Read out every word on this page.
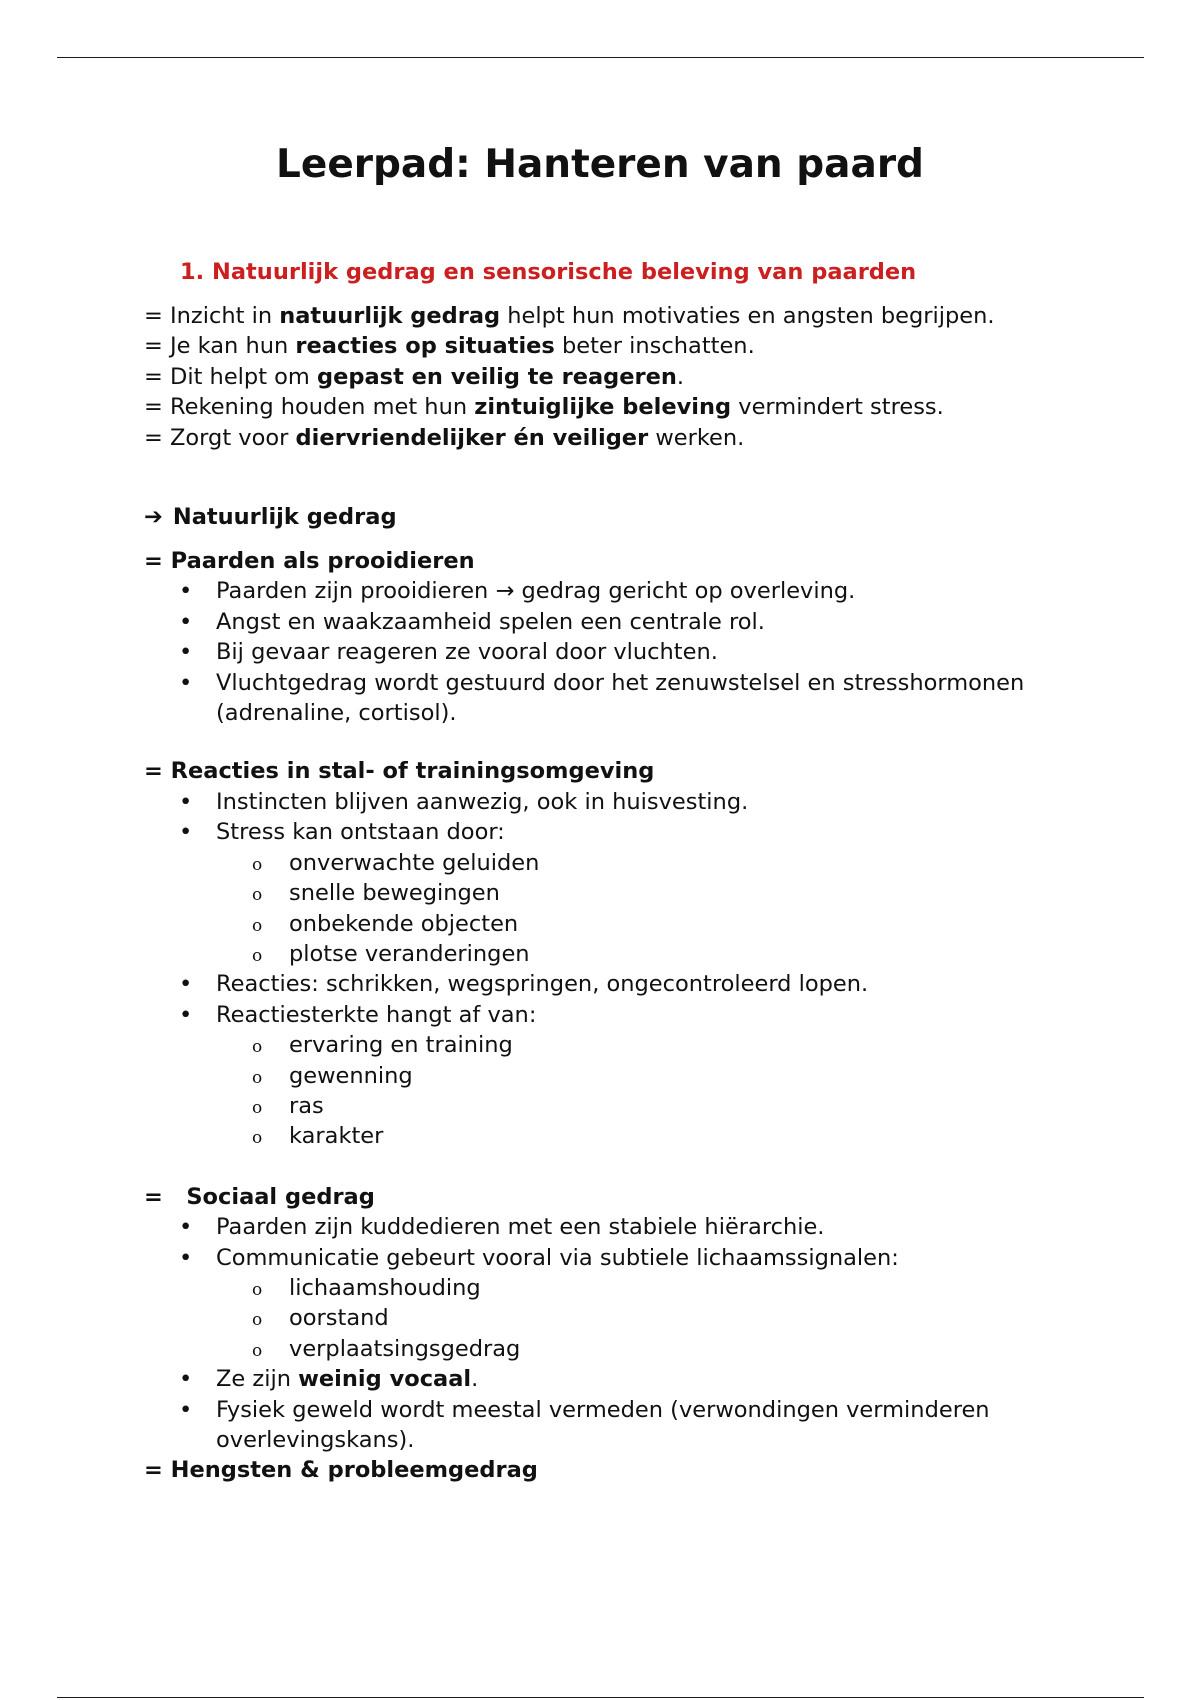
Leerpad: Hanteren van paard
1. Natuurlijk gedrag en sensorische beleving van paarden

= Inzicht in natuurlijk gedrag helpt hun motivaties en angsten begrijpen.

= Je kan hun reacties op situaties beter inschatten.

= Dit helpt om gepast en veilig te reageren.

= Rekening houden met hun zintuiglijke beleving vermindert stress.

= Zorgt voor diervriendelijker én veiliger werken.

➔ Natuurlijk gedrag

= Paarden als prooidieren

• Paarden zijn prooidieren → gedrag gericht op overleving.
• Angst en waakzaamheid spelen een centrale rol.
• Bij gevaar reageren ze vooral door vluchten.
• Vluchtgedrag wordt gestuurd door het zenuwstelsel en stresshormonen (adrenaline, cortisol).

= Reacties in stal- of trainingsomgeving

• Instincten blijven aanwezig, ook in huisvesting.
• Stress kan ontstaan door:
o onverwachte geluiden
o snelle bewegingen
o onbekende objecten
o plotse veranderingen
• Reacties: schrikken, wegspringen, ongecontroleerd lopen.
• Reactiesterkte hangt af van:
o ervaring en training
o gewenning
o ras
o karakter

=   Sociaal gedrag

• Paarden zijn kuddedieren met een stabiele hiërarchie.
• Communicatie gebeurt vooral via subtiele lichaamssignalen:
o lichaamshouding
o oorstand
o verplaatsingsgedrag
• Ze zijn weinig vocaal.
• Fysiek geweld wordt meestal vermeden (verwondingen verminderen overlevingskans).

= Hengsten & probleemgedrag
